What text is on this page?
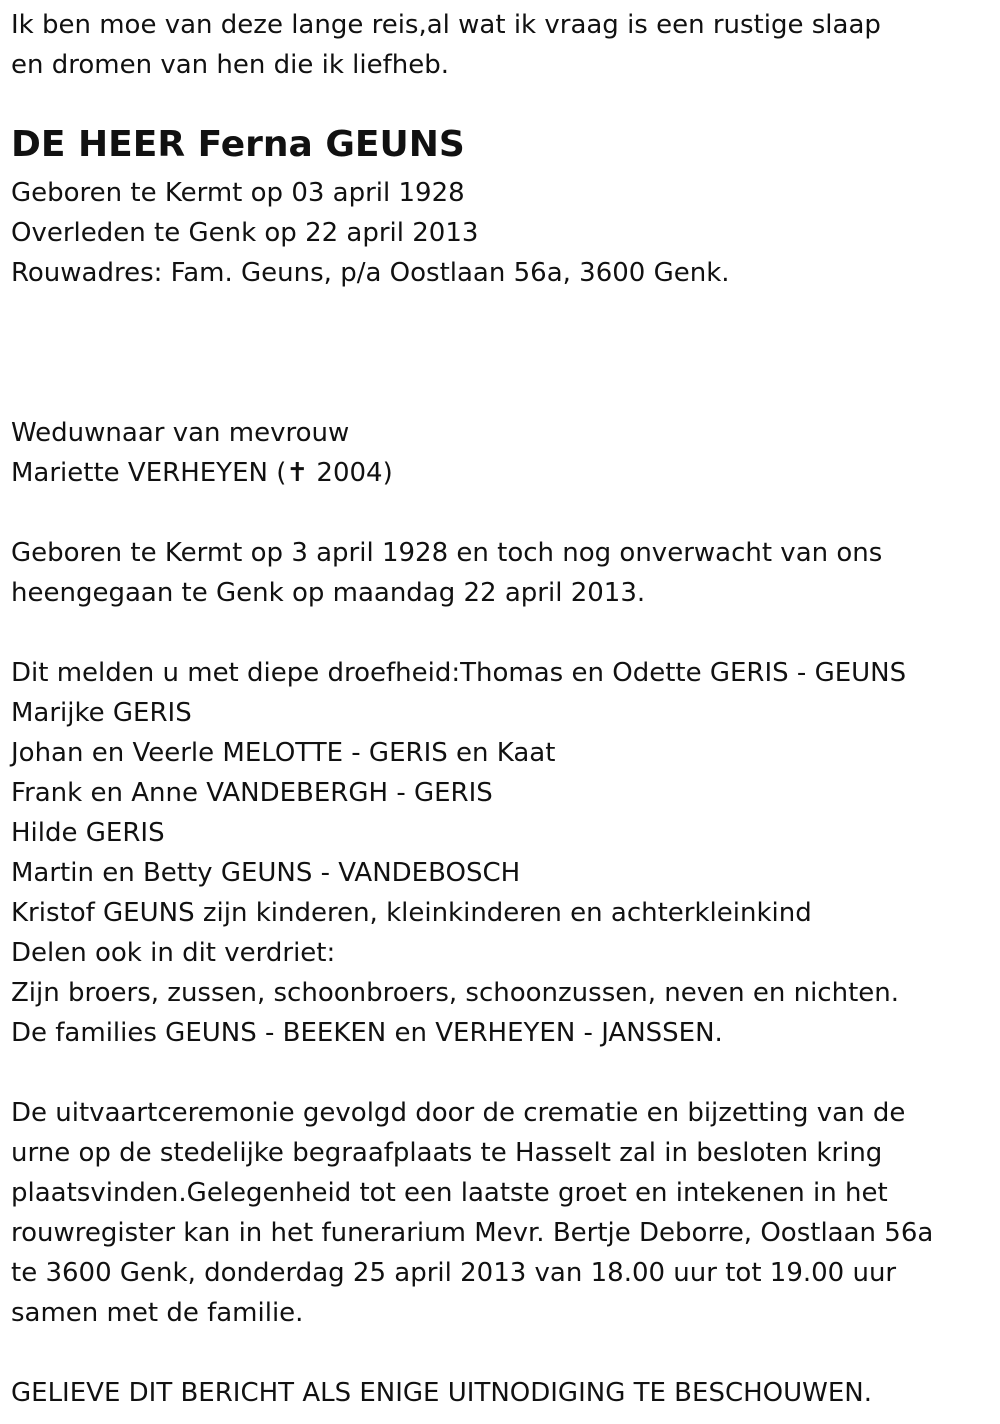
Ik ben moe van deze lange reis,al wat ik vraag is een rustige slaap

en dromen van hen die ik liefheb.

DE HEER Ferna GEUNS

Geboren te Kermt op 03 april 1928

Overleden te Genk op 22 april 2013

Rouwadres: Fam. Geuns, p/a Oostlaan 56a, 3600 Genk.

Weduwnaar van mevrouw

Mariette VERHEYEN (✝ 2004)

Geboren te Kermt op 3 april 1928 en toch nog onverwacht van ons

heengegaan te Genk op maandag 22 april 2013.

Dit melden u met diepe droefheid:Thomas en Odette GERIS - GEUNS

Marijke GERIS

Johan en Veerle MELOTTE - GERIS en Kaat

Frank en Anne VANDEBERGH - GERIS

Hilde GERIS

Martin en Betty GEUNS - VANDEBOSCH

Kristof GEUNS zijn kinderen, kleinkinderen en achterkleinkind

Delen ook in dit verdriet:

Zijn broers, zussen, schoonbroers, schoonzussen, neven en nichten.

De families GEUNS - BEEKEN en VERHEYEN - JANSSEN.

De uitvaartceremonie gevolgd door de crematie en bijzetting van de

urne op de stedelijke begraafplaats te Hasselt zal in besloten kring

plaatsvinden.Gelegenheid tot een laatste groet en intekenen in het

rouwregister kan in het funerarium Mevr. Bertje Deborre, Oostlaan 56a

te 3600 Genk, donderdag 25 april 2013 van 18.00 uur tot 19.00 uur

samen met de familie.

GELIEVE DIT BERICHT ALS ENIGE UITNODIGING TE BESCHOUWEN.
